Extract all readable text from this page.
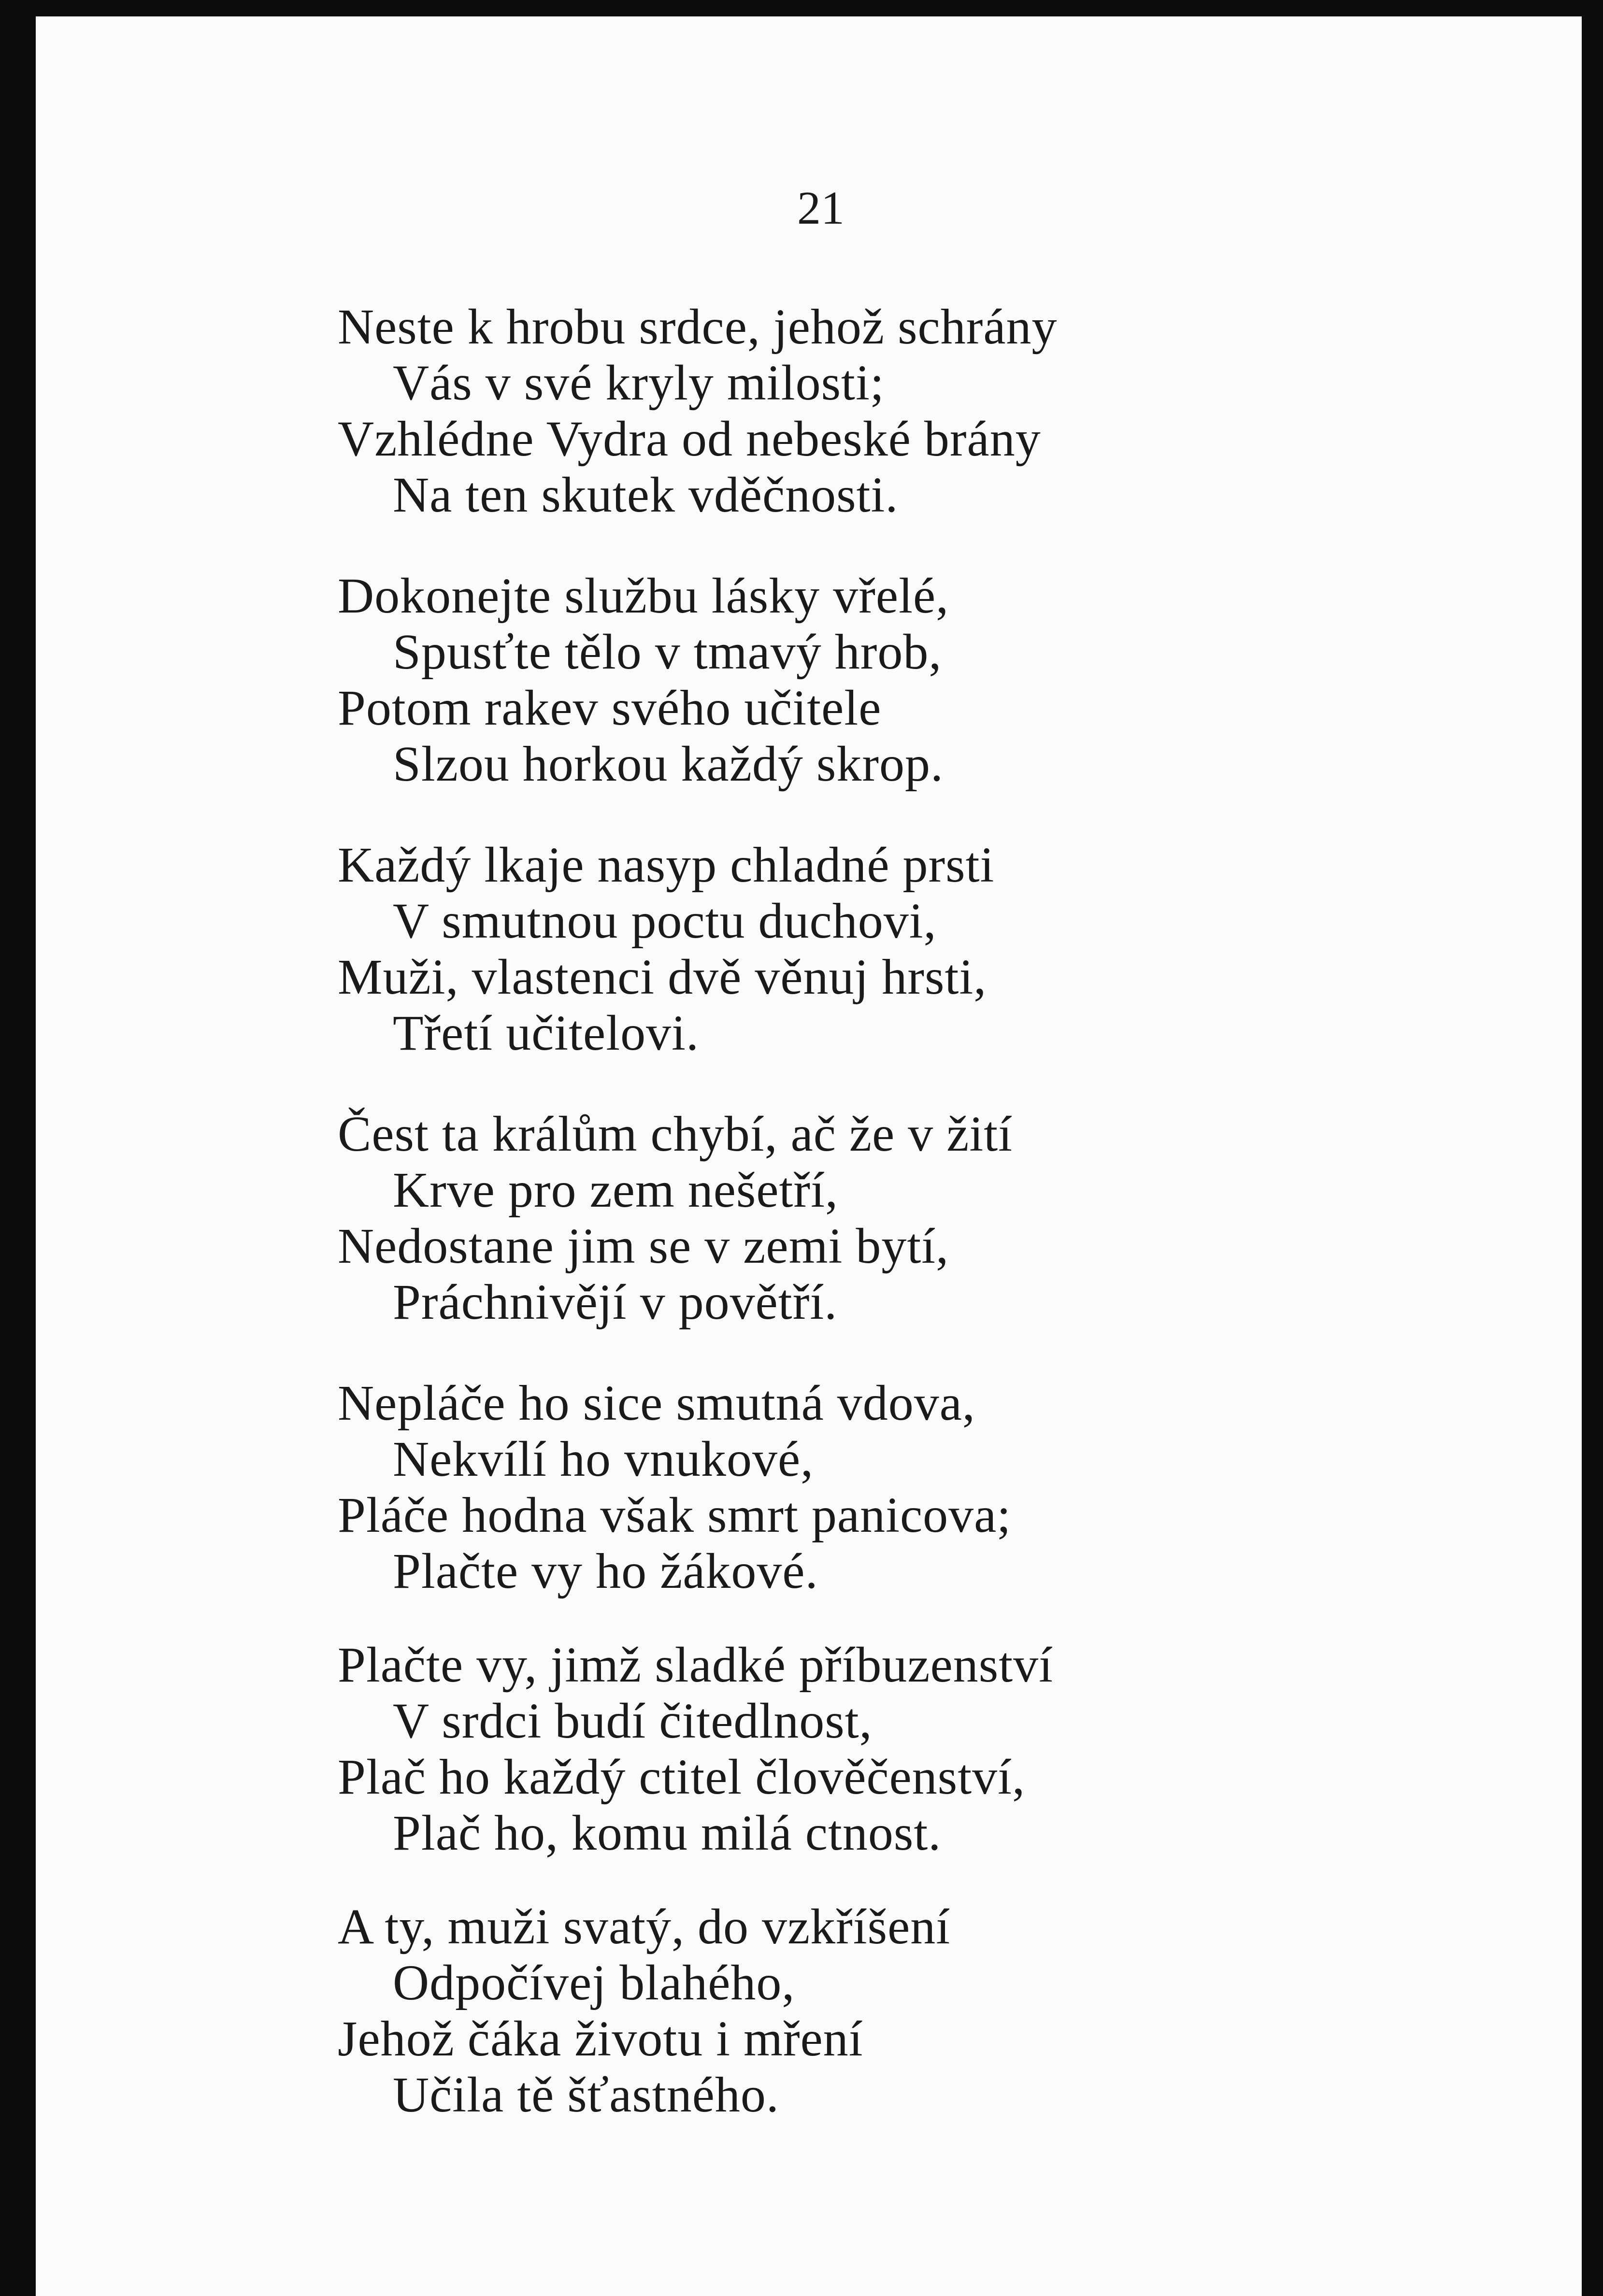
21
Neste k hrobu srdce, jehož schrány
Vás v své kryly milosti;
Vzhlédne Vydra od nebeské brány
Na ten skutek vděčnosti.
Dokonejte službu lásky vřelé,
Spusťte tělo v tmavý hrob,
Potom rakev svého učitele
Slzou horkou každý skrop.
Každý lkaje nasyp chladné prsti
V smutnou poctu duchovi,
Muži, vlastenci dvě věnuj hrsti,
Třetí učitelovi.
Čest ta králům chybí, ač že v žití
Krve pro zem nešetří,
Nedostane jim se v zemi bytí,
Práchnivějí v povětří.
Nepláče ho sice smutná vdova,
Nekvílí ho vnukové,
Pláče hodna však smrt panicova;
Plačte vy ho žákové.
Plačte vy, jimž sladké příbuzenství
V srdci budí čitedlnost,
Plač ho každý ctitel člověčenství,
Plač ho, komu milá ctnost.
A ty, muži svatý, do vzkříšení
Odpočívej blahého,
Jehož čáka životu i mření
Učila tě šťastného.
